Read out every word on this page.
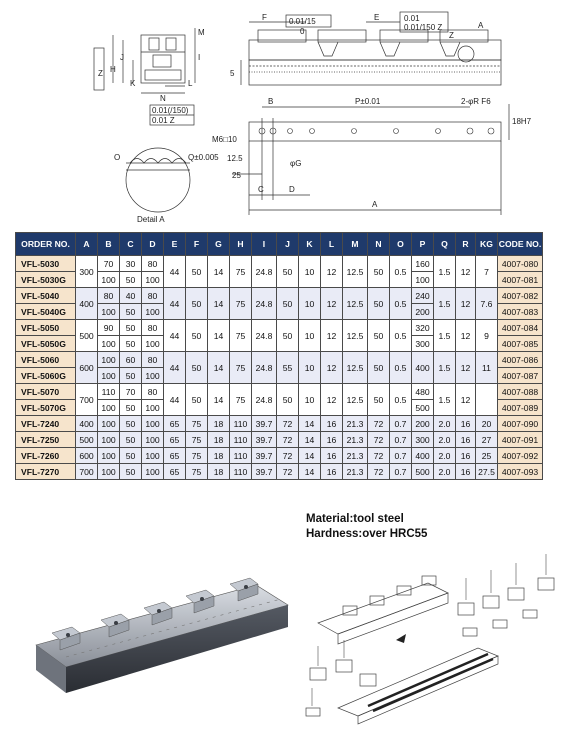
M
H
J	I
L
K
N
0.01(/150)
0.01 Z
Z
F	E
A
5
0.01/15
0
0.01
0.01/150 Z
Z
B	P±0.01	2-φR F6
18H7
M6□10
12.5
φG
25
C	D
A
O	Q±0.005
Detail A
ORDER NO.	A	B	C	D	E	F	G	H	I	J	K	L	M	N	O	P	Q	R	KG	CODE NO.
VFL-5030	300	70	30	80	44	50	14	75	24.8	50	10	12	12.5	50	0.5	160	1.5	12	7	4007-080
VFL-5030G		100	50	100												100				4007-081
VFL-5040	400	80	40	80	44	50	14	75	24.8	50	10	12	12.5	50	0.5	240	1.5	12	7.6	4007-082
VFL-5040G		100	50	100												200				4007-083
VFL-5050	500	90	50	80	44	50	14	75	24.8	50	10	12	12.5	50	0.5	320	1.5	12	9	4007-084
VFL-5050G		100	50	100												300				4007-085
VFL-5060	600	100	60	80	44	50	14	75	24.8	55	10	12	12.5	50	0.5	400	1.5	12	11	4007-086
VFL-5060G		100	50	100																4007-087
VFL-5070	700	110	70	80	44	50	14	75	24.8	50	10	12	12.5	50	0.5	480	1.5	12		4007-088
VFL-5070G		100	50	100												500				4007-089
VFL-7240	400	100	50	100	65	75	18	110	39.7	72	14	16	21.3	72	0.7	200	2.0	16	20	4007-090
VFL-7250	500	100	50	100	65	75	18	110	39.7	72	14	16	21.3	72	0.7	300	2.0	16	27	4007-091
VFL-7260	600	100	50	100	65	75	18	110	39.7	72	14	16	21.3	72	0.7	400	2.0	16	25	4007-092
VFL-7270	700	100	50	100	65	75	18	110	39.7	72	14	16	21.3	72	0.7	500	2.0	16	27.5	4007-093
Material:tool steel
Hardness:over HRC55
